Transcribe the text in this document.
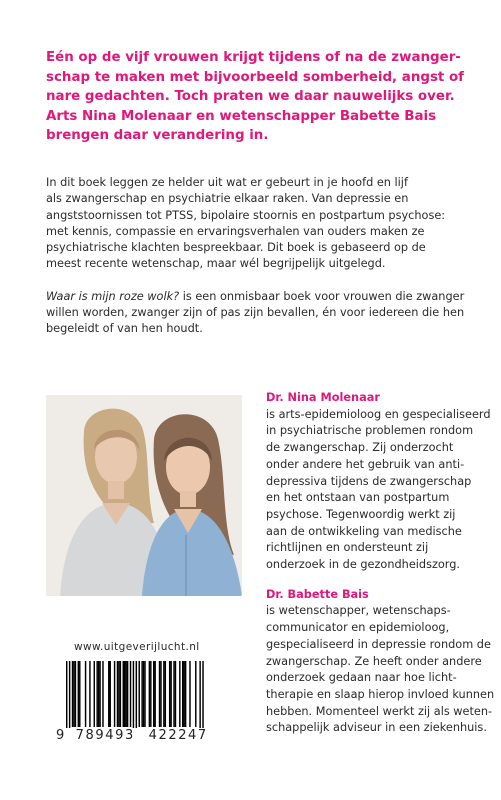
Eén op de vijf vrouwen krijgt tijdens of na de zwanger-
schap te maken met bijvoorbeeld somberheid, angst of
nare gedachten. Toch praten we daar nauwelijks over.
Arts Nina Molenaar en wetenschapper Babette Bais
brengen daar verandering in.
In dit boek leggen ze helder uit wat er gebeurt in je hoofd en lijf
als zwangerschap en psychiatrie elkaar raken. Van depressie en
angststoornissen tot PTSS, bipolaire stoornis en postpartum psychose:
met kennis, compassie en ervaringsverhalen van ouders maken ze
psychiatrische klachten bespreekbaar. Dit boek is gebaseerd op de
meest recente wetenschap, maar wél begrijpelijk uitgelegd.
Waar is mijn roze wolk? is een onmisbaar boek voor vrouwen die zwanger
willen worden, zwanger zijn of pas zijn bevallen, én voor iedereen die hen
begeleidt of van hen houdt.
Dr. Nina Molenaar
is arts-epidemioloog en gespecialiseerd
in psychiatrische problemen rondom
de zwangerschap. Zij onderzocht
onder andere het gebruik van anti-
depressiva tijdens de zwangerschap
en het ontstaan van postpartum
psychose. Tegenwoordig werkt zij
aan de ontwikkeling van medische
richtlijnen en ondersteunt zij
onderzoek in de gezondheidszorg.
Dr. Babette Bais
is wetenschapper, wetenschaps-
communicator en epidemioloog,
gespecialiseerd in depressie rondom de
zwangerschap. Ze heeft onder andere
onderzoek gedaan naar hoe licht-
therapie en slaap hierop invloed kunnen
hebben. Momenteel werkt zij als weten-
schappelijk adviseur in een ziekenhuis.
www.uitgeverijlucht.nl
9 789493 422247
